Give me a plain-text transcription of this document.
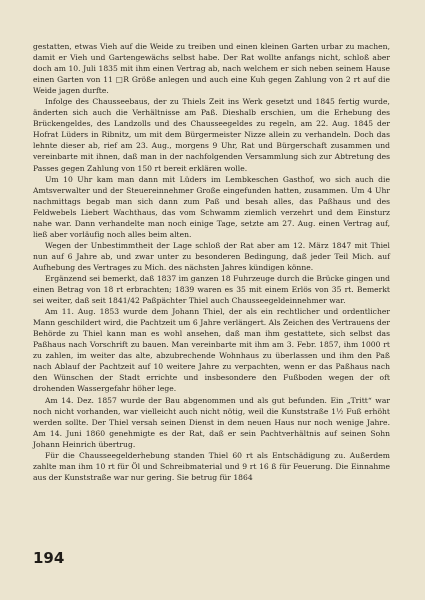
gestatten, etwas Vieh auf die Weide zu treiben und einen kleinen Garten urbar zu machen, damit er Vieh und Gartengewächs selbst habe. Der Rat wollte anfangs nicht, schloß aber doch am 10. Juli 1835 mit ihm einen Vertrag ab, nach welchem er sich neben seinem Hause einen Garten von 11 □R Größe anlegen und auch eine Kuh gegen Zahlung von 2 rt auf die Weide jagen durfte.

Infolge des Chausseebaus, der zu Thiels Zeit ins Werk gesetzt und 1845 fertig wurde, änderten sich auch die Verhältnisse am Paß. Dieshalb erschien, um die Erhebung des Brückengeldes, des Landzolls und des Chausseegeldes zu regeln, am 22. Aug. 1845 der Hofrat Lüders in Ribnitz, um mit dem Bürgermeister Nizze allein zu verhandeln. Doch das lehnte dieser ab, rief am 23. Aug., morgens 9 Uhr, Rat und Bürgerschaft zusammen und vereinbarte mit ihnen, daß man in der nachfolgenden Versammlung sich zur Abtretung des Passes gegen Zahlung von 150 rt bereit erklären wolle.

Um 10 Uhr kam man dann mit Lüders im Lembkeschen Gasthof, wo sich auch die Amtsverwalter und der Steuereinnehmer Große eingefunden hatten, zusammen. Um 4 Uhr nachmittags begab man sich dann zum Paß und besah alles, das Paßhaus und des Feldwebels Liebert Wachthaus, das vom Schwamm ziemlich verzehrt und dem Einsturz nahe war. Dann verhandelte man noch einige Tage, setzte am 27. Aug. einen Vertrag auf, ließ aber vorläufig noch alles beim alten.

Wegen der Unbestimmtheit der Lage schloß der Rat aber am 12. März 1847 mit Thiel nun auf 6 Jahre ab, und zwar unter zu besonderen Bedingung, daß jeder Teil Mich. auf Aufhebung des Vertrages zu Mich. des nächsten Jahres kündigen könne.

Ergänzend sei bemerkt, daß 1837 im ganzen 18 Fuhrzeuge durch die Brücke gingen und einen Betrag von 18 rt erbrachten; 1839 waren es 35 mit einem Erlös von 35 rt. Bemerkt sei weiter, daß seit 1841/42 Paßpächter Thiel auch Chausseegeldeinnehmer war.

Am 11. Aug. 1853 wurde dem Johann Thiel, der als ein rechtlicher und ordentlicher Mann geschildert wird, die Pachtzeit um 6 Jahre verlängert. Als Zeichen des Vertrauens der Behörde zu Thiel kann man es wohl ansehen, daß man ihm gestattete, sich selbst das Paßhaus nach Vorschrift zu bauen. Man vereinbarte mit ihm am 3. Febr. 1857, ihm 1000 rt zu zahlen, im weiter das alte, abzubrechende Wohnhaus zu überlassen und ihm den Paß nach Ablauf der Pachtzeit auf 10 weitere Jahre zu verpachten, wenn er das Paßhaus nach den Wünschen der Stadt errichte und insbesondere den Fußboden wegen der oft drohenden Wassergefahr höher lege.

Am 14. Dez. 1857 wurde der Bau abgenommen und als gut befunden. Ein „Tritt“ war noch nicht vorhanden, war vielleicht auch nicht nötig, weil die Kunststraße 1½ Fuß erhöht werden sollte. Der Thiel versah seinen Dienst in dem neuen Haus nur noch wenige Jahre. Am 14. Juni 1860 genehmigte es der Rat, daß er sein Pachtverhältnis auf seinen Sohn Johann Heinrich übertrug.

Für die Chausseegelderhebung standen Thiel 60 rt als Entschädigung zu. Außerdem zahlte man ihm 10 rt für Öl und Schreibmaterial und 9 rt 16 ß für Feuerung. Die Einnahme aus der Kunststraße war nur gering. Sie betrug für 1864

194
